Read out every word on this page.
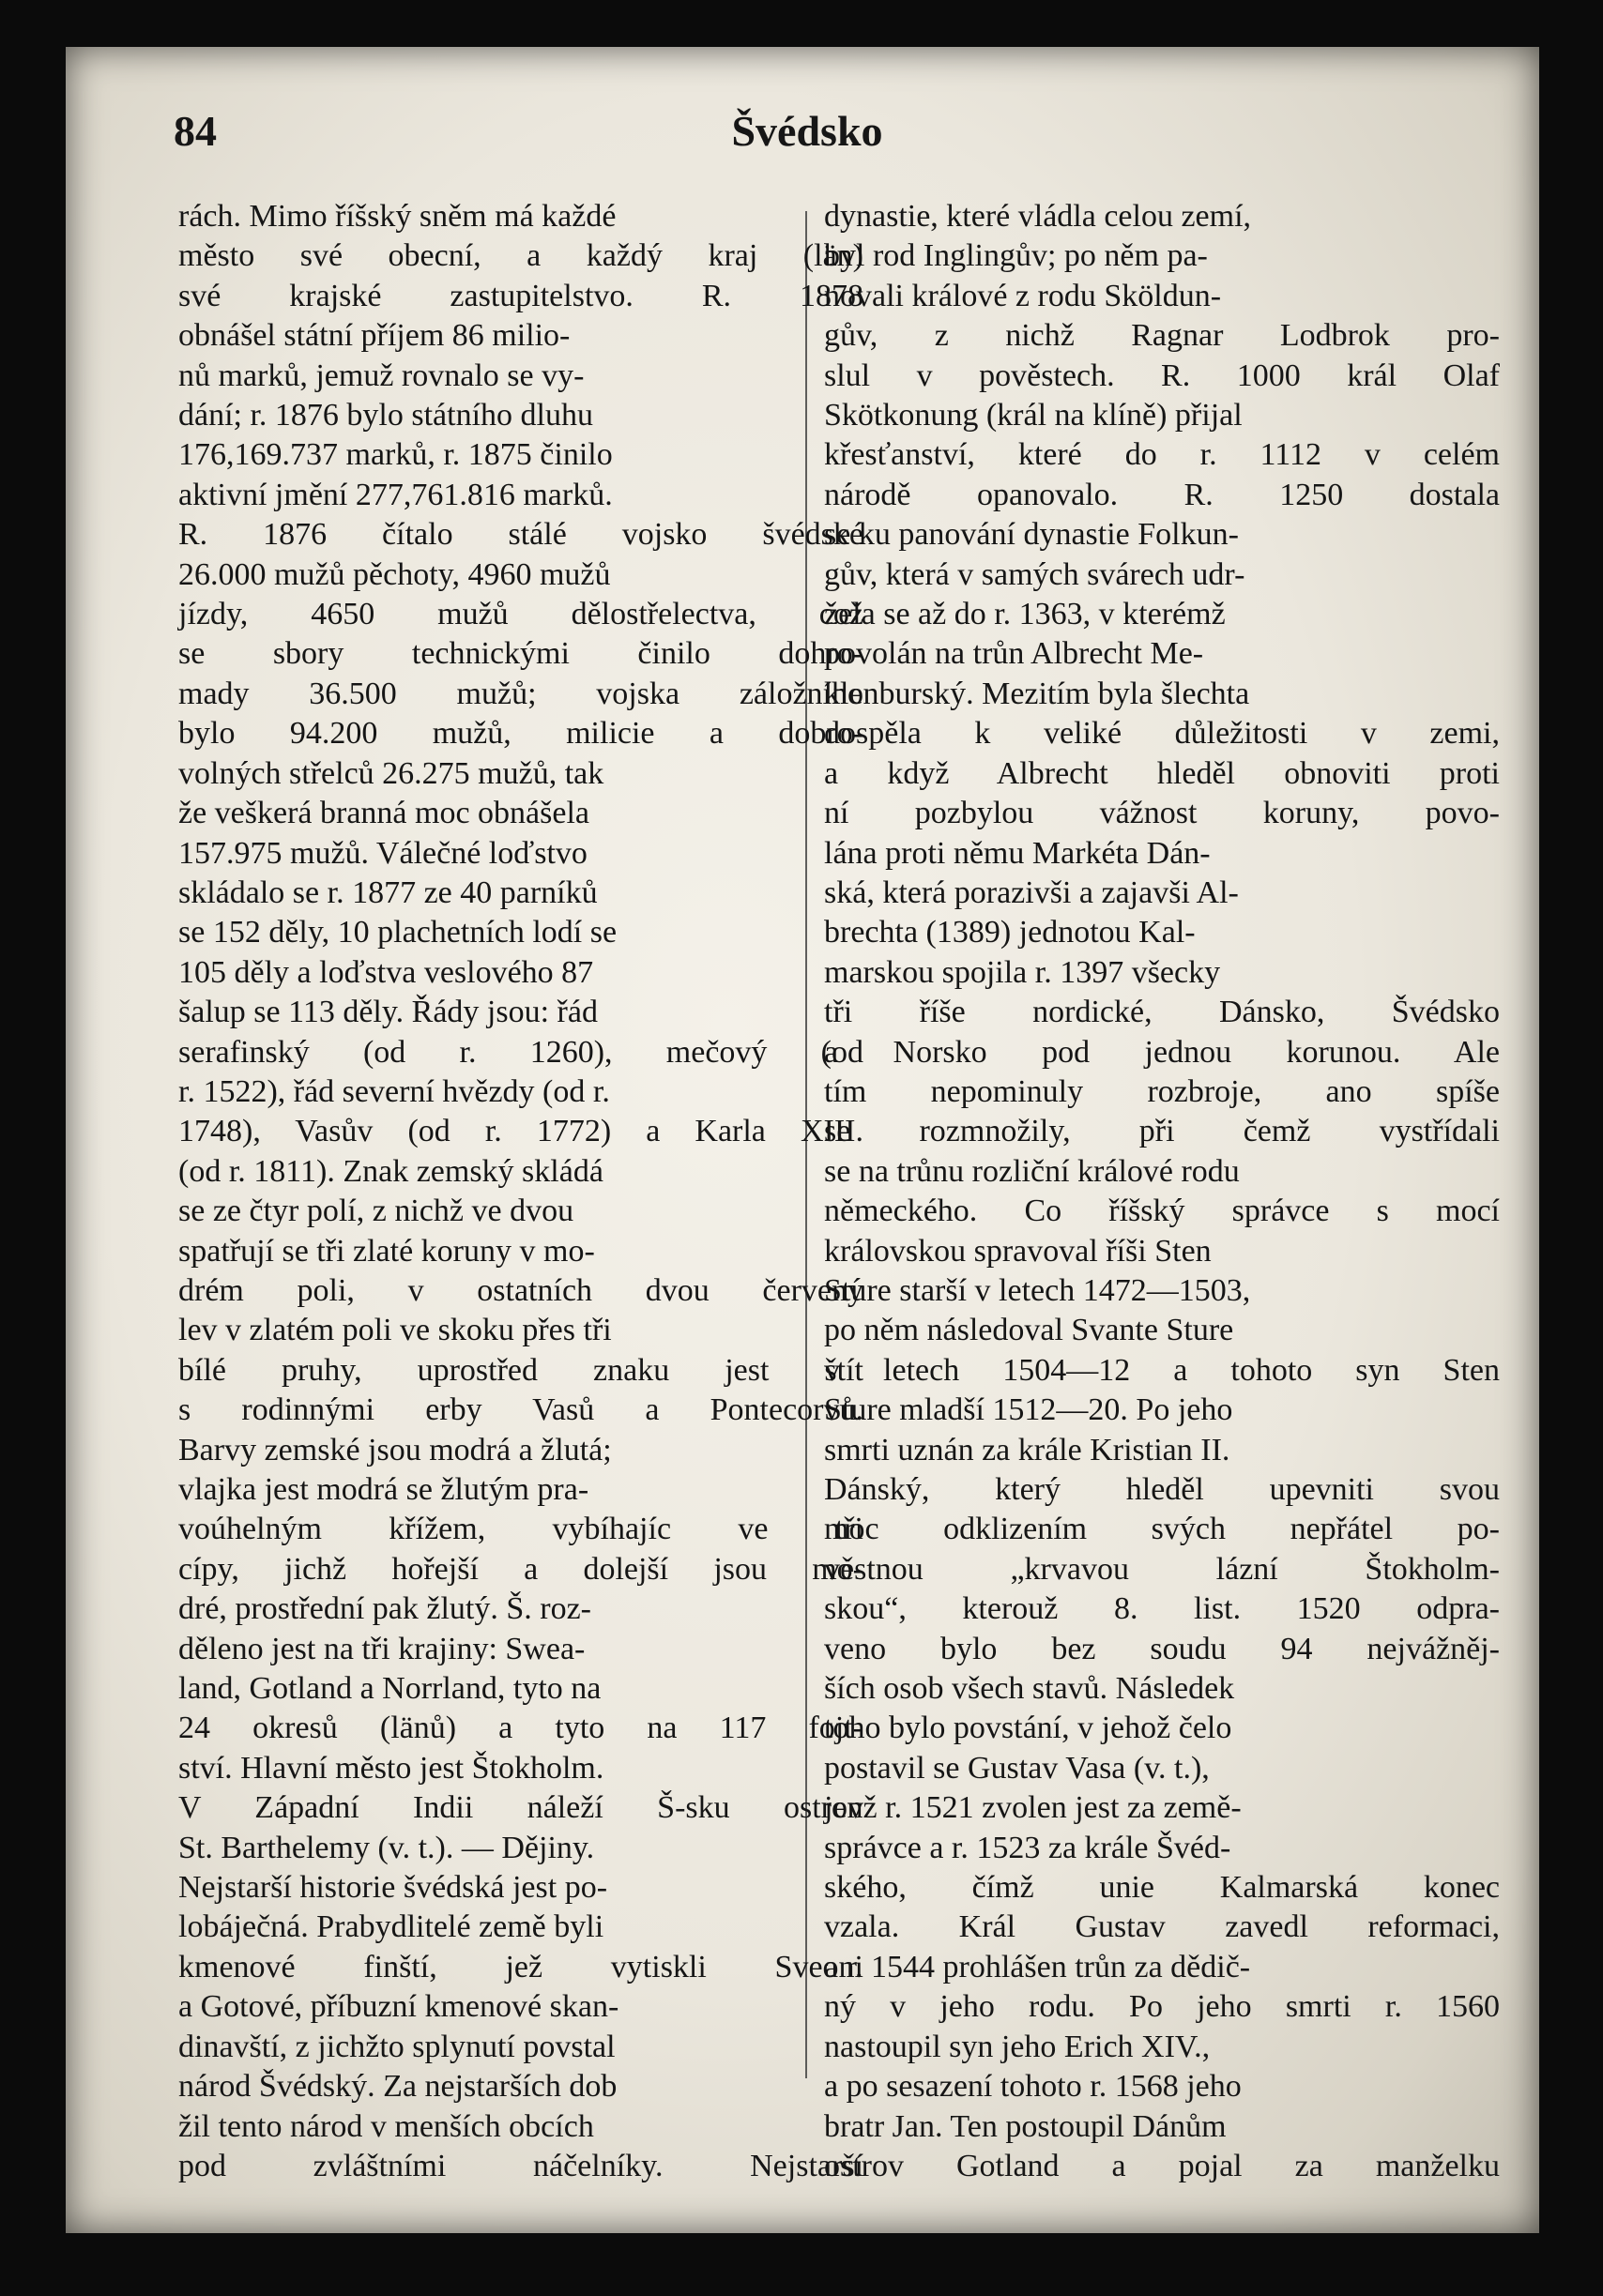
84	Švédsko
rách. Mimo říšský sněm má každé
město své obecní, a každý kraj (län)
své krajské zastupitelstvo. R. 1878
obnášel státní příjem 86 milio-
nů marků, jemuž rovnalo se vy-
dání; r. 1876 bylo státního dluhu
176,169.737 marků, r. 1875 činilo
aktivní jmění 277,761.816 marků.
R. 1876 čítalo stálé vojsko švédské
26.000 mužů pěchoty, 4960 mužů
jízdy, 4650 mužů dělostřelectva, což
se sbory technickými činilo dohro-
mady 36.500 mužů; vojska záložního
bylo 94.200 mužů, milicie a dobro-
volných střelců 26.275 mužů, tak
že veškerá branná moc obnášela
157.975 mužů. Válečné loďstvo
skládalo se r. 1877 ze 40 parníků
se 152 děly, 10 plachetních lodí se
105 děly a loďstva veslového 87
šalup se 113 děly. Řády jsou: řád
serafinský (od r. 1260), mečový (od
r. 1522), řád severní hvězdy (od r.
1748), Vasův (od r. 1772) a Karla XIII.
(od r. 1811). Znak zemský skládá
se ze čtyr polí, z nichž ve dvou
spatřují se tři zlaté koruny v mo-
drém poli, v ostatních dvou červený
lev v zlatém poli ve skoku přes tři
bílé pruhy, uprostřed znaku jest štít
s rodinnými erby Vasů a Pontecorvů.
Barvy zemské jsou modrá a žlutá;
vlajka jest modrá se žlutým pra-
voúhelným křížem, vybíhajíc ve tři
cípy, jichž hořejší a dolejší jsou mo-
dré, prostřední pak žlutý. Š. roz-
děleno jest na tři krajiny: Swea-
land, Gotland a Norrland, tyto na
24 okresů (länů) a tyto na 117 fojt-
ství. Hlavní město jest Štokholm.
V Západní Indii náleží Š-sku ostrov
St. Barthelemy (v. t.). — Dějiny.
Nejstarší historie švédská jest po-
lobáječná. Prabydlitelé země byli
kmenové finští, jež vytiskli Sveoni
a Gotové, příbuzní kmenové skan-
dinavští, z jichžto splynutí povstal
národ Švédský. Za nejstarších dob
žil tento národ v menších obcích
pod zvláštními náčelníky. Nejstarší
dynastie, které vládla celou zemí,
byl rod Inglingův; po něm pa-
novali králové z rodu Sköldun-
gův, z nichž Ragnar Lodbrok pro-
slul v pověstech. R. 1000 král Olaf
Skötkonung (král na klíně) přijal
křesťanství, které do r. 1112 v celém
národě opanovalo. R. 1250 dostala
se ku panování dynastie Folkun-
gův, která v samých svárech udr-
žela se až do r. 1363, v kterémž
povolán na trůn Albrecht Me-
klenburský. Mezitím byla šlechta
dospěla k veliké důležitosti v zemi,
a když Albrecht hleděl obnoviti proti
ní pozbylou vážnost koruny, povo-
lána proti němu Markéta Dán-
ská, která porazivši a zajavši Al-
brechta (1389) jednotou Kal-
marskou spojila r. 1397 všecky
tři říše nordické, Dánsko, Švédsko
a Norsko pod jednou korunou. Ale
tím nepominuly rozbroje, ano spíše
se rozmnožily, při čemž vystřídali
se na trůnu rozliční králové rodu
německého. Co říšský správce s mocí
královskou spravoval říši Sten
Sture starší v letech 1472—1503,
po něm následoval Svante Sture
v letech 1504—12 a tohoto syn Sten
Sture mladší 1512—20. Po jeho
smrti uznán za krále Kristian II.
Dánský, který hleděl upevniti svou
moc odklizením svých nepřátel po-
věstnou „krvavou lázní Štokholm-
skou“, kterouž 8. list. 1520 odpra-
veno bylo bez soudu 94 nejvážněj-
ších osob všech stavů. Následek
toho bylo povstání, v jehož čelo
postavil se Gustav Vasa (v. t.),
jenž r. 1521 zvolen jest za země-
správce a r. 1523 za krále Švéd-
ského, čímž unie Kalmarská konec
vzala. Král Gustav zavedl reformaci,
a r. 1544 prohlášen trůn za dědič-
ný v jeho rodu. Po jeho smrti r. 1560
nastoupil syn jeho Erich XIV.,
a po sesazení tohoto r. 1568 jeho
bratr Jan. Ten postoupil Dánům
ostrov Gotland a pojal za manželku
